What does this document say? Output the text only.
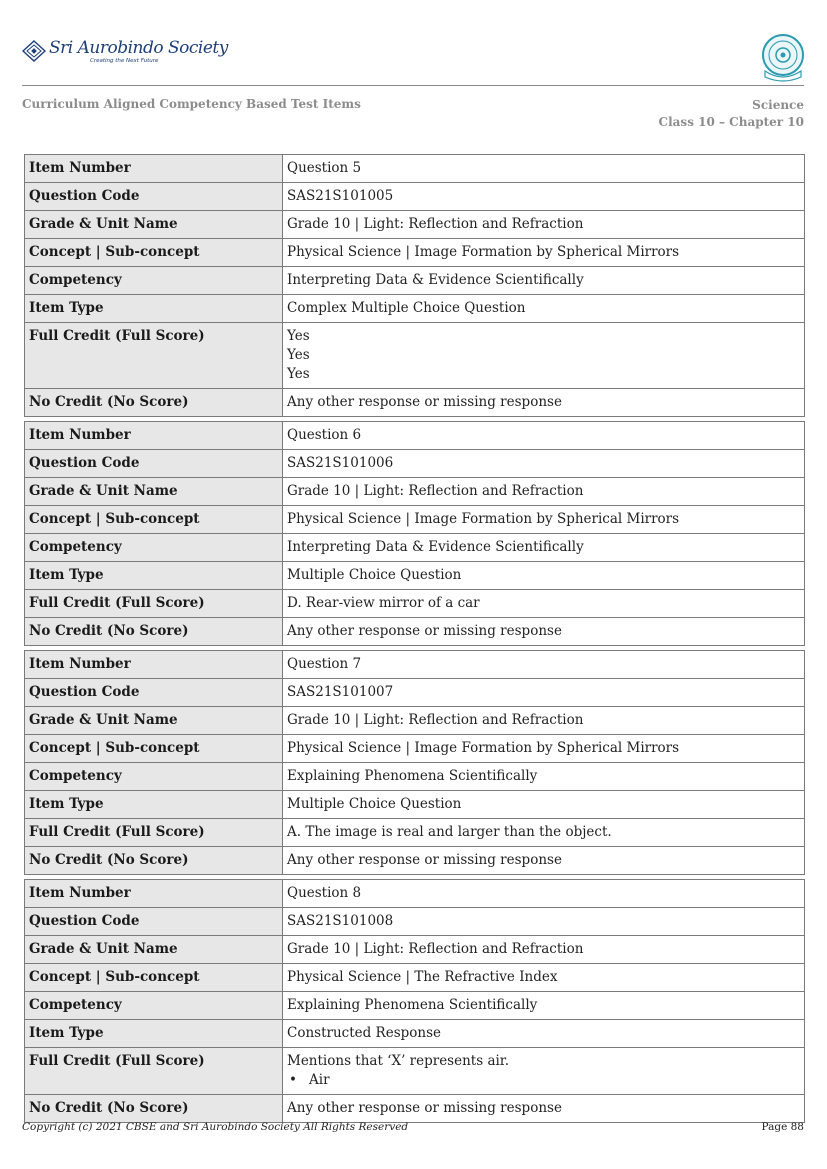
Sri Aurobindo Society
Creating the Next Future
Curriculum Aligned Competency Based Test Items	Science
Class 10 – Chapter 10
Item Number	Question 5
Question Code	SAS21S101005
Grade & Unit Name	Grade 10 | Light: Reflection and Refraction
Concept | Sub-concept	Physical Science | Image Formation by Spherical Mirrors
Competency	Interpreting Data & Evidence Scientifically
Item Type	Complex Multiple Choice Question
Full Credit (Full Score)	Yes
Yes
Yes

No Credit (No Score)	Any other response or missing response
Item Number	Question 6
Question Code	SAS21S101006
Grade & Unit Name	Grade 10 | Light: Reflection and Refraction
Concept | Sub-concept	Physical Science | Image Formation by Spherical Mirrors
Competency	Interpreting Data & Evidence Scientifically
Item Type	Multiple Choice Question
Full Credit (Full Score)	D. Rear-view mirror of a car
No Credit (No Score)	Any other response or missing response
Item Number	Question 7
Question Code	SAS21S101007
Grade & Unit Name	Grade 10 | Light: Reflection and Refraction
Concept | Sub-concept	Physical Science | Image Formation by Spherical Mirrors
Competency	Explaining Phenomena Scientifically
Item Type	Multiple Choice Question
Full Credit (Full Score)	A. The image is real and larger than the object.
No Credit (No Score)	Any other response or missing response
Item Number	Question 8
Question Code	SAS21S101008
Grade & Unit Name	Grade 10 | Light: Reflection and Refraction
Concept | Sub-concept	Physical Science | The Refractive Index
Competency	Explaining Phenomena Scientifically
Item Type	Constructed Response
Full Credit (Full Score)	Mentions that ‘X’ represents air.
• Air

No Credit (No Score)	Any other response or missing response
Copyright (c) 2021 CBSE and Sri Aurobindo Society All Rights Reserved	Page 88
